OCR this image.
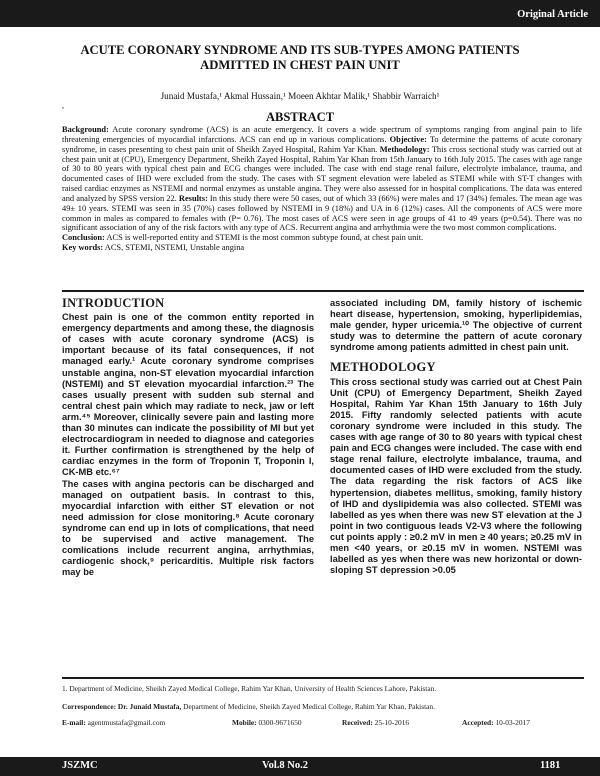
Original Article
ACUTE CORONARY SYNDROME AND ITS SUB-TYPES AMONG PATIENTS
ADMITTED IN CHEST PAIN UNIT
Junaid Mustafa,¹ Akmal Hussain,¹ Moeen Akhtar Malik,¹ Shabbir Warraich¹
,
ABSTRACT
Background: Acute coronary syndrome (ACS) is an acute emergency. It covers a wide spectrum of symptoms ranging from anginal pain to life threatening emergencies of myocardial infarctions. ACS can end up in various complications. Objective: To determine the patterns of acute coronary syndrome, in cases presenting to chest pain unit of Sheikh Zayed Hospital, Rahim Yar Khan. Methodology: This cross sectional study was carried out at chest pain unit at (CPU), Emergency Department, Sheikh Zayed Hospital, Rahim Yar Khan from 15th January to 16th July 2015. The cases with age range of 30 to 80 years with typical chest pain and ECG changes were included. The case with end stage renal failure, electrolyte imbalance, trauma, and documented cases of IHD were excluded from the study. The cases with ST segment elevation were labeled as STEMI while with ST-T changes with raised cardiac enzymes as NSTEMI and normal enzymes as unstable angina. They were also assessed for in hospital complications. The data was entered and analyzed by SPSS version 22. Results: In this study there were 50 cases, out of which 33 (66%) were males and 17 (34%) females. The mean age was 49± 10 years. STEMI was seen in 35 (70%) cases followed by NSTEMI in 9 (18%) and UA in 6 (12%) cases. All the components of ACS were more common in males as compared to females with (P= 0.76). The most cases of ACS were seen in age groups of 41 to 49 years (p=0.54). There was no significant association of any of the risk factors with any type of ACS. Recurrent angina and arrhythmia were the two most common complications.
Conclusion: ACS is well-reported entity and STEMI is the most common subtype found, at chest pain unit.
Key words: ACS, STEMI, NSTEMI, Unstable angina
INTRODUCTION

Chest pain is one of the common entity reported in emergency departments and among these, the diagnosis of cases with acute coronary syndrome (ACS) is important because of its fatal consequences, if not managed early.¹ Acute coronary syndrome comprises unstable angina, non-ST elevation myocardial infarction (NSTEMI) and ST elevation myocardial infarction.²³ The cases usually present with sudden sub sternal and central chest pain which may radiate to neck, jaw or left arm.⁴⁵ Moreover, clinically severe pain and lasting more than 30 minutes can indicate the possibility of MI but yet electrocardiogram in needed to diagnose and categories it. Further confirmation is strengthened by the help of cardiac enzymes in the form of Troponin T, Troponin I, CK-MB etc.⁶⁷

The cases with angina pectoris can be discharged and managed on outpatient basis. In contrast to this, myocardial infarction with either ST elevation or not need admission for close monitoring.⁸ Acute coronary syndrome can end up in lots of complications, that need to be supervised and active management. The comlications include recurrent angina, arrhythmias, cardiogenic shock,⁹ pericarditis. Multiple risk factors may be

associated including DM, family history of ischemic heart disease, hypertension, smoking, hyperlipidemias, male gender, hyper uricemia.¹⁰ The objective of current study was to determine the pattern of acute coronary syndrome among patients admitted in chest pain unit.

METHODOLOGY

This cross sectional study was carried out at Chest Pain Unit (CPU) of Emergency Department, Sheikh Zayed Hospital, Rahim Yar Khan 15th January to 16th July 2015. Fifty randomly selected patients with acute coronary syndrome were included in this study. The cases with age range of 30 to 80 years with typical chest pain and ECG changes were included. The case with end stage renal failure, electrolyte imbalance, trauma, and documented cases of IHD were excluded from the study. The data regarding the risk factors of ACS like hypertension, diabetes mellitus, smoking, family history of IHD and dyslipidemia was also collected. STEMI was labelled as yes when there was new ST elevation at the J point in two contiguous leads V2-V3 where the following cut points apply : ≥0.2 mV in men ≥ 40 years; ≥0.25 mV in men <40 years, or ≥0.15 mV in women. NSTEMI was labelled as yes when there was new horizontal or down-sloping ST depression >0.05

1. Department of Medicine, Sheikh Zayed Medical College, Rahim Yar Khan, University of Health Sciences Lahore, Pakistan.
Correspondence: Dr. Junaid Mustafa, Department of Medicine, Sheikh Zayed Medical College, Rahim Yar Khan, Pakistan.
E-mail: agentmustafa@gmail.com	Mobile: 0300-9671650	Received: 25-10-2016	Accepted: 10-03-2017
JSZMC	Vol.8 No.2	1181
